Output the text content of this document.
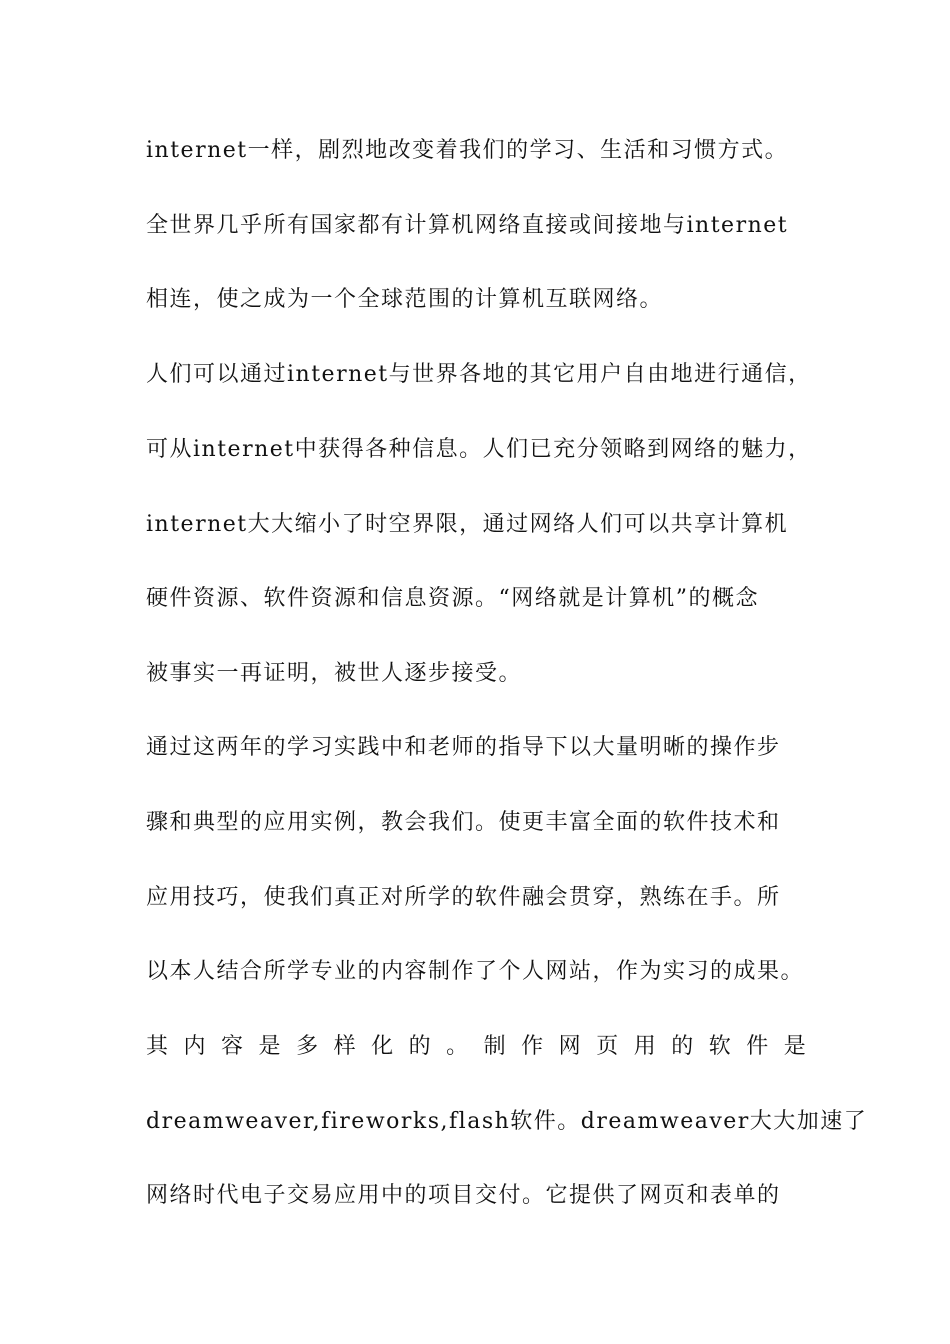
internet一样，剧烈地改变着我们的学习、生活和习惯方式。
全世界几乎所有国家都有计算机网络直接或间接地与internet
相连，使之成为一个全球范围的计算机互联网络。
人们可以通过internet与世界各地的其它用户自由地进行通信，
可从internet中获得各种信息。人们已充分领略到网络的魅力，
internet大大缩小了时空界限，通过网络人们可以共享计算机
硬件资源、软件资源和信息资源。“网络就是计算机”的概念
被事实一再证明，被世人逐步接受。
通过这两年的学习实践中和老师的指导下以大量明晰的操作步
骤和典型的应用实例，教会我们。使更丰富全面的软件技术和
应用技巧，使我们真正对所学的软件融会贯穿，熟练在手。所
以本人结合所学专业的内容制作了个人网站，作为实习的成果。
其 内 容 是 多 样 化 的 。 制 作 网 页 用 的 软 件 是
dreamweaver,fireworks,flash软件。dreamweaver大大加速了
网络时代电子交易应用中的项目交付。它提供了网页和表单的
